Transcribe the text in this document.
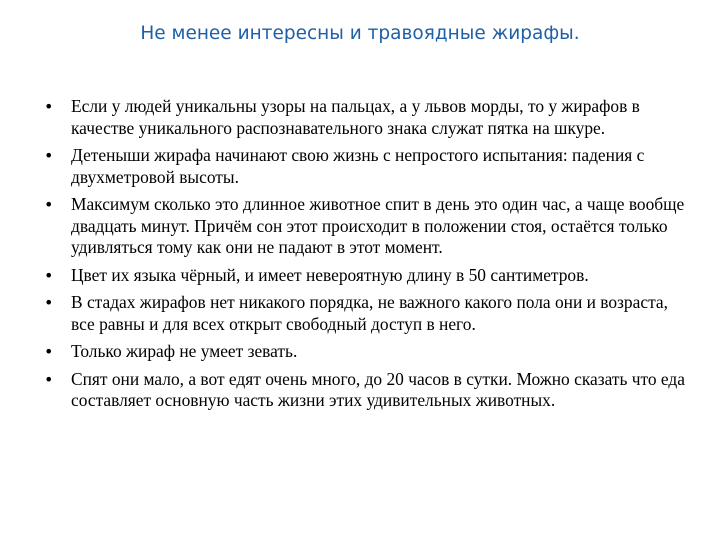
Не менее интересны и травоядные жирафы.
• Если у людей уникальны узоры на пальцах, а у львов морды, то у жирафов в качестве уникального распознавательного знака служат пятка на шкуре.
• Детеныши жирафа начинают свою жизнь с непростого испытания: падения с двухметровой высоты.
• Максимум сколько это длинное животное спит в день это один час, а чаще вообще двадцать минут. Причём сон этот происходит в положении стоя, остаётся только удивляться тому как они не падают в этот момент.
• Цвет их языка чёрный, и имеет невероятную длину в 50 сантиметров.
• В стадах жирафов нет никакого порядка, не важного какого пола они и возраста, все равны и для всех открыт свободный доступ в него.
• Только жираф не умеет зевать.
• Спят они мало, а вот едят очень много, до 20 часов в сутки. Можно сказать что еда составляет основную часть жизни этих удивительных животных.
